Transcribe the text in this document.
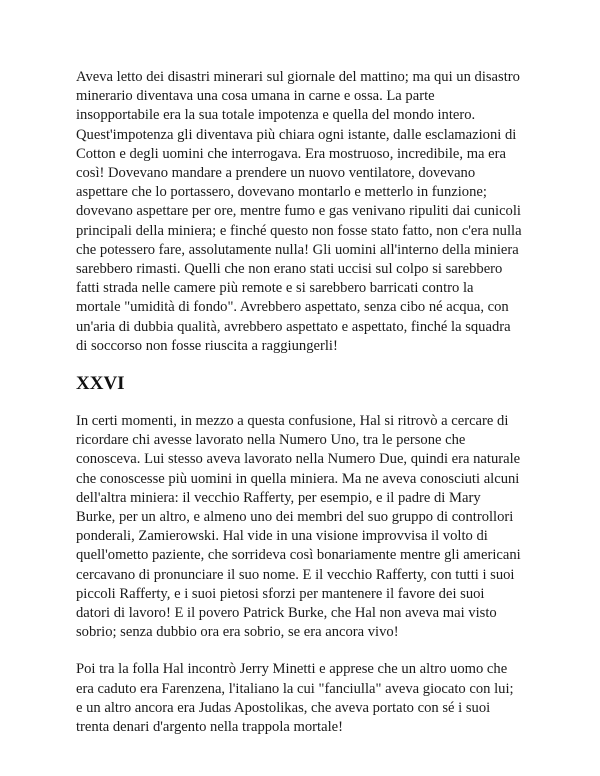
Aveva letto dei disastri minerari sul giornale del mattino; ma qui un disastro
minerario diventava una cosa umana in carne e ossa. La parte
insopportabile era la sua totale impotenza e quella del mondo intero.
Quest'impotenza gli diventava più chiara ogni istante, dalle esclamazioni di
Cotton e degli uomini che interrogava. Era mostruoso, incredibile, ma era
così! Dovevano mandare a prendere un nuovo ventilatore, dovevano
aspettare che lo portassero, dovevano montarlo e metterlo in funzione;
dovevano aspettare per ore, mentre fumo e gas venivano ripuliti dai cunicoli
principali della miniera; e finché questo non fosse stato fatto, non c'era nulla
che potessero fare, assolutamente nulla! Gli uomini all'interno della miniera
sarebbero rimasti. Quelli che non erano stati uccisi sul colpo si sarebbero
fatti strada nelle camere più remote e si sarebbero barricati contro la
mortale "umidità di fondo". Avrebbero aspettato, senza cibo né acqua, con
un'aria di dubbia qualità, avrebbero aspettato e aspettato, finché la squadra
di soccorso non fosse riuscita a raggiungerli!

XXVI

In certi momenti, in mezzo a questa confusione, Hal si ritrovò a cercare di
ricordare chi avesse lavorato nella Numero Uno, tra le persone che
conosceva. Lui stesso aveva lavorato nella Numero Due, quindi era naturale
che conoscesse più uomini in quella miniera. Ma ne aveva conosciuti alcuni
dell'altra miniera: il vecchio Rafferty, per esempio, e il padre di Mary
Burke, per un altro, e almeno uno dei membri del suo gruppo di controllori
ponderali, Zamierowski. Hal vide in una visione improvvisa il volto di
quell'ometto paziente, che sorrideva così bonariamente mentre gli americani
cercavano di pronunciare il suo nome. E il vecchio Rafferty, con tutti i suoi
piccoli Rafferty, e i suoi pietosi sforzi per mantenere il favore dei suoi
datori di lavoro! E il povero Patrick Burke, che Hal non aveva mai visto
sobrio; senza dubbio ora era sobrio, se era ancora vivo!

Poi tra la folla Hal incontrò Jerry Minetti e apprese che un altro uomo che
era caduto era Farenzena, l'italiano la cui "fanciulla" aveva giocato con lui;
e un altro ancora era Judas Apostolikas, che aveva portato con sé i suoi
trenta denari d'argento nella trappola mortale!
